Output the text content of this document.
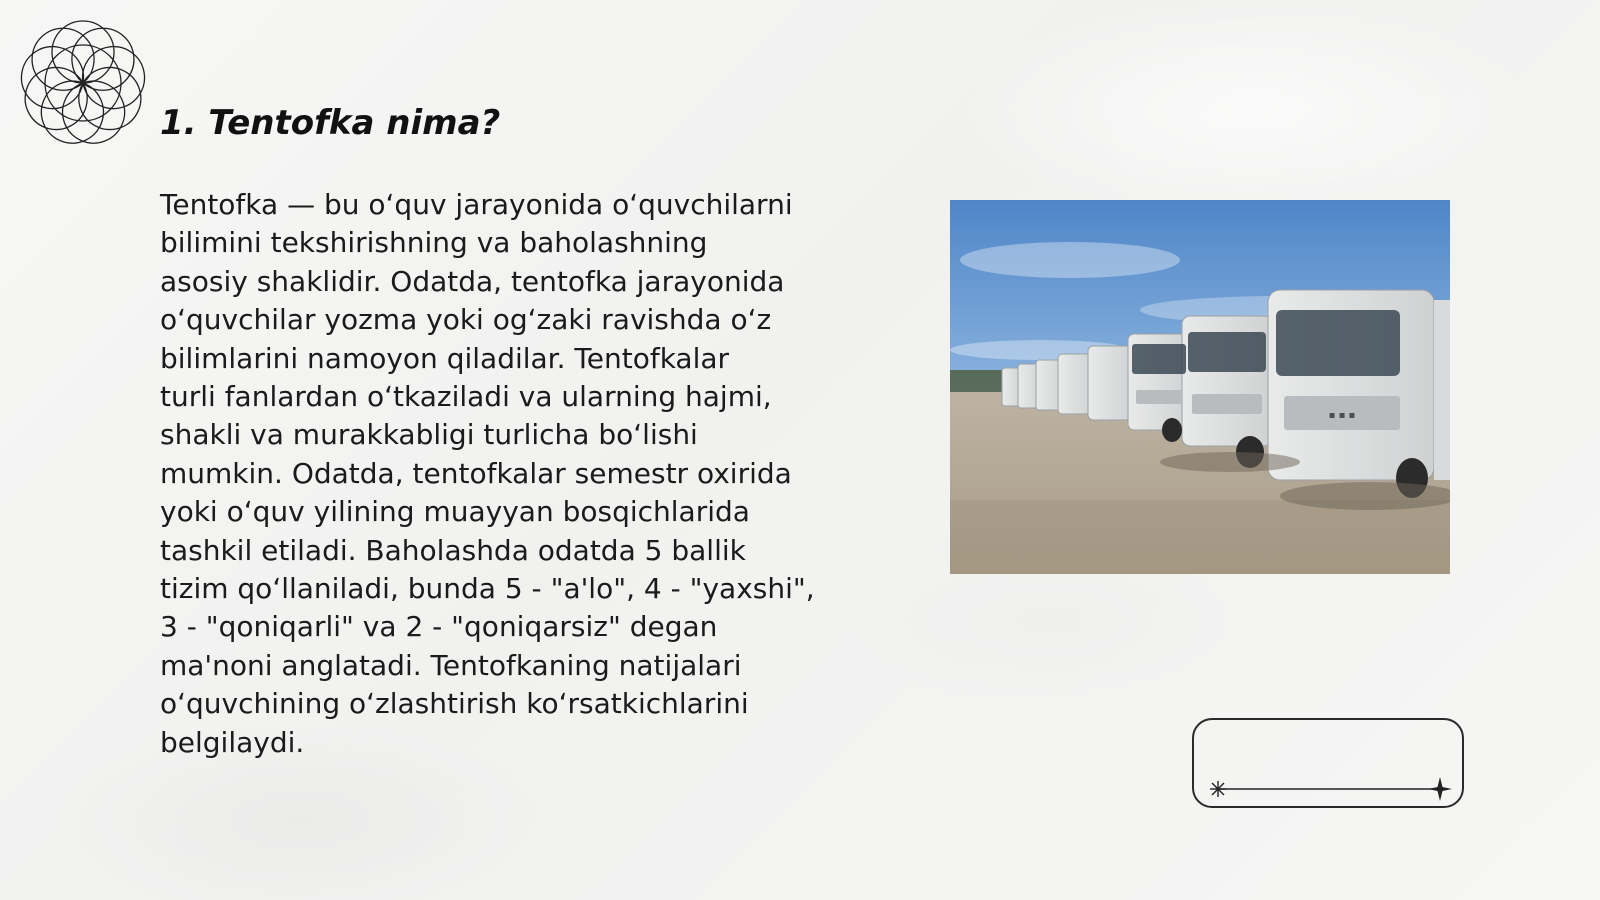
1. Tentofka nima?

Tentofka — bu oʻquv jarayonida oʻquvchilarni
bilimini tekshirishning va baholashning
asosiy shaklidir. Odatda, tentofka jarayonida
oʻquvchilar yozma yoki ogʻzaki ravishda oʻz
bilimlarini namoyon qiladilar. Tentofkalar
turli fanlardan oʻtkaziladi va ularning hajmi,
shakli va murakkabligi turlicha boʻlishi
mumkin. Odatda, tentofkalar semestr oxirida
yoki oʻquv yilining muayyan bosqichlarida
tashkil etiladi. Baholashda odatda 5 ballik
tizim qoʻllaniladi, bunda 5 - "a'lo", 4 - "yaxshi",
3 - "qoniqarli" va 2 - "qoniqarsiz" degan
ma'noni anglatadi. Tentofkaning natijalari
oʻquvchining oʻzlashtirish koʻrsatkichlarini
belgilaydi.

▪ ▪ ▪
